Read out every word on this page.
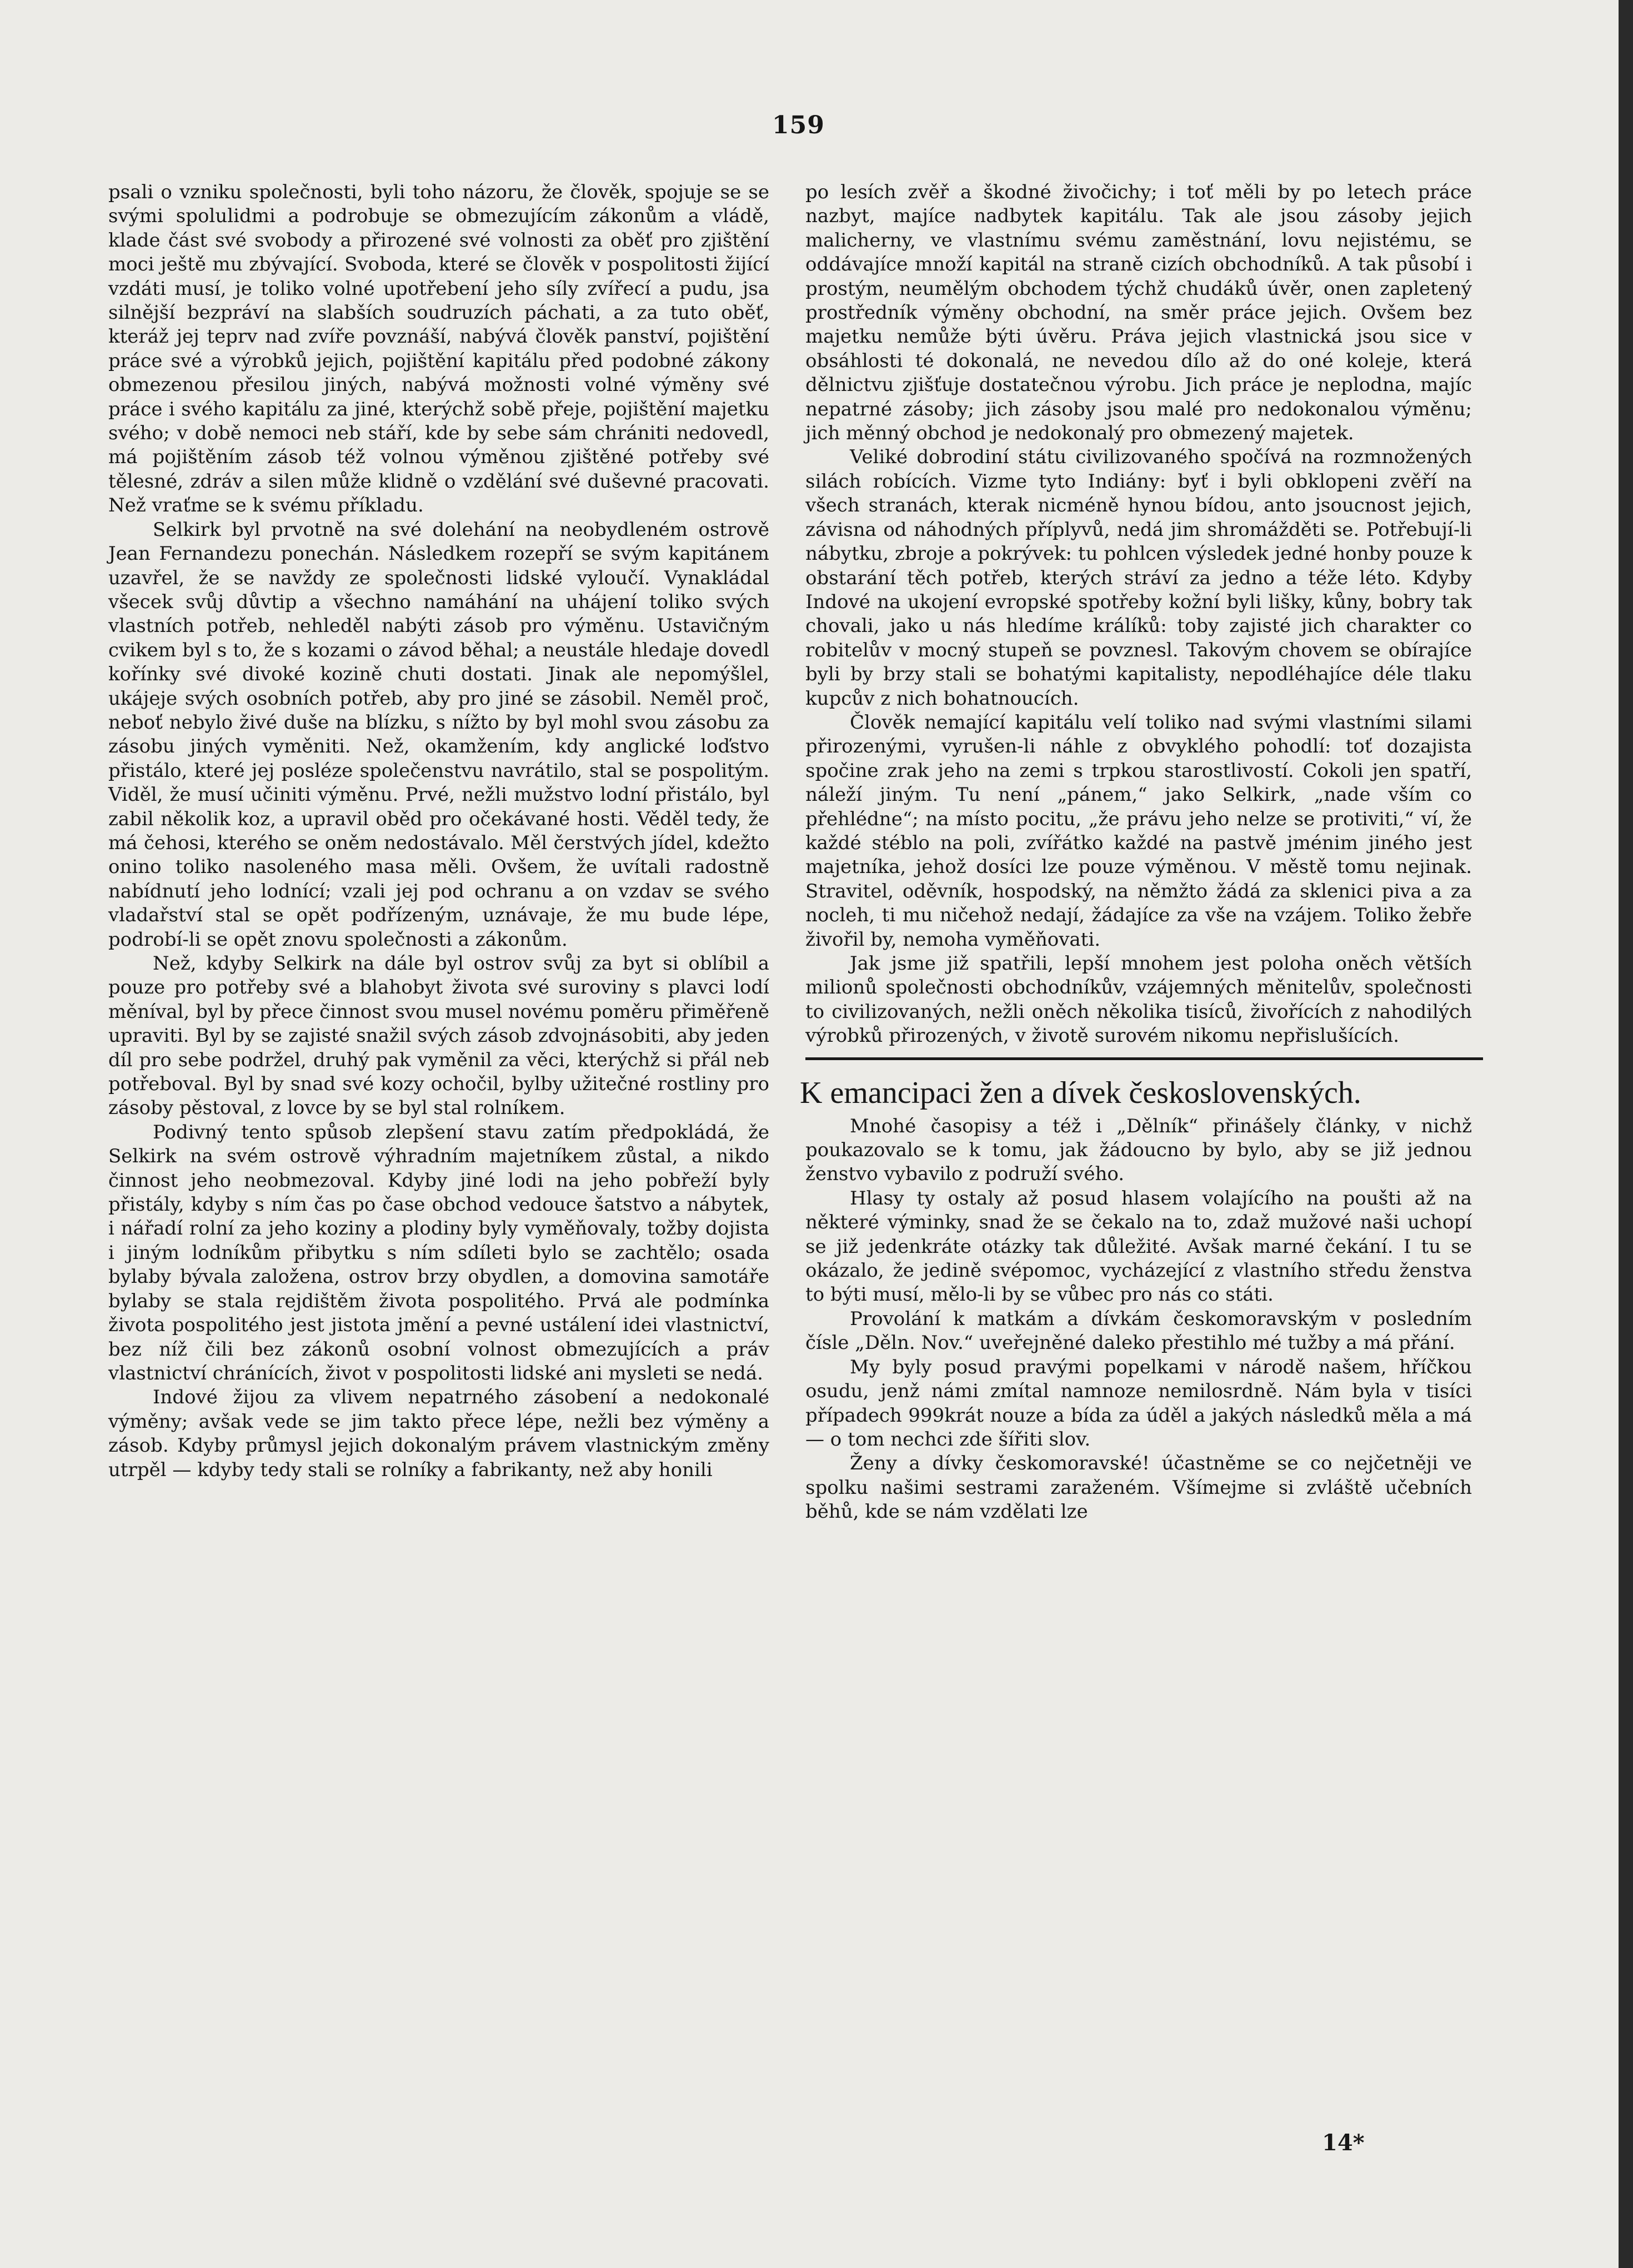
159

psali o vzniku společnosti, byli toho názoru, že člověk, spojuje se se svými spolulidmi a podrobuje se obmezujícím zákonům a vládě, klade část své svobody a přirozené své volnosti za oběť pro zjištění moci ještě mu zbývající. Svoboda, které se člověk v pospolitosti žijící vzdáti musí, je toliko volné upotřebení jeho síly zvířecí a pudu, jsa silnější bezpráví na slabších soudruzích páchati, a za tuto oběť, kteráž jej teprv nad zvíře povznáší, nabývá člověk panství, pojištění práce své a výrobků jejich, pojištění kapitálu před podobné zákony obmezenou přesilou jiných, nabývá možnosti volné výměny své práce i svého kapitálu za jiné, kterýchž sobě přeje, pojištění majetku svého; v době nemoci neb stáří, kde by sebe sám chrániti nedovedl, má pojištěním zásob též volnou výměnou zjištěné potřeby své tělesné, zdráv a silen může klidně o vzdělání své duševné pracovati. Než vraťme se k svému příkladu.

Selkirk byl prvotně na své dolehání na neobydleném ostrově Jean Fernandezu ponechán. Následkem rozepří se svým kapitánem uzavřel, že se navždy ze společnosti lidské vyloučí. Vynakládal všecek svůj důvtip a všechno namáhání na uhájení toliko svých vlastních potřeb, nehleděl nabýti zásob pro výměnu. Ustavičným cvikem byl s to, že s kozami o závod běhal; a neustále hledaje dovedl kořínky své divoké kozině chuti dostati. Jinak ale nepomýšlel, ukájeje svých osobních potřeb, aby pro jiné se zásobil. Neměl proč, neboť nebylo živé duše na blízku, s nížto by byl mohl svou zásobu za zásobu jiných vyměniti. Než, okamžením, kdy anglické loďstvo přistálo, které jej posléze společenstvu navrátilo, stal se pospolitým. Viděl, že musí učiniti výměnu. Prvé, nežli mužstvo lodní přistálo, byl zabil několik koz, a upravil oběd pro očekávané hosti. Věděl tedy, že má čehosi, kterého se oněm nedostávalo. Měl čerstvých jídel, kdežto onino toliko nasoleného masa měli. Ovšem, že uvítali radostně nabídnutí jeho lodnící; vzali jej pod ochranu a on vzdav se svého vladařství stal se opět podřízeným, uznávaje, že mu bude lépe, podrobí-li se opět znovu společnosti a zákonům.

Než, kdyby Selkirk na dále byl ostrov svůj za byt si oblíbil a pouze pro potřeby své a blahobyt života své suroviny s plavci lodí měníval, byl by přece činnost svou musel novému poměru přiměřeně upraviti. Byl by se zajisté snažil svých zásob zdvojnásobiti, aby jeden díl pro sebe podržel, druhý pak vyměnil za věci, kterýchž si přál neb potřeboval. Byl by snad své kozy ochočil, bylby užitečné rostliny pro zásoby pěstoval, z lovce by se byl stal rolníkem.

Podivný tento spůsob zlepšení stavu zatím předpokládá, že Selkirk na svém ostrově výhradním majetníkem zůstal, a nikdo činnost jeho neobmezoval. Kdyby jiné lodi na jeho pobřeží byly přistály, kdyby s ním čas po čase obchod vedouce šatstvo a nábytek, i nářadí rolní za jeho koziny a plodiny byly vyměňovaly, tožby dojista i jiným lodníkům přibytku s ním sdíleti bylo se zachtělo; osada bylaby bývala založena, ostrov brzy obydlen, a domovina samotáře bylaby se stala rejdištěm života pospolitého. Prvá ale podmínka života pospolitého jest jistota jmění a pevné ustálení idei vlastnictví, bez níž čili bez zákonů osobní volnost obmezujících a práv vlastnictví chránících, život v pospolitosti lidské ani mysleti se nedá.

Indové žijou za vlivem nepatrného zásobení a nedokonalé výměny; avšak vede se jim takto přece lépe, nežli bez výměny a zásob. Kdyby průmysl jejich dokonalým právem vlastnickým změny utrpěl — kdyby tedy stali se rolníky a fabrikanty, než aby honili

po lesích zvěř a škodné živočichy; i toť měli by po letech práce nazbyt, majíce nadbytek kapitálu. Tak ale jsou zásoby jejich malicherny, ve vlastnímu svému zaměstnání, lovu nejistému, se oddávajíce množí kapitál na straně cizích obchodníků. A tak působí i prostým, neumělým obchodem týchž chudáků úvěr, onen zapletený prostředník výměny obchodní, na směr práce jejich. Ovšem bez majetku nemůže býti úvěru. Práva jejich vlastnická jsou sice v obsáhlosti té dokonalá, ne nevedou dílo až do oné koleje, která dělnictvu zjišťuje dostatečnou výrobu. Jich práce je neplodna, majíc nepatrné zásoby; jich zásoby jsou malé pro nedokonalou výměnu; jich měnný obchod je nedokonalý pro obmezený majetek.

Veliké dobrodiní státu civilizovaného spočívá na rozmnožených silách robících. Vizme tyto Indiány: byť i byli obklopeni zvěří na všech stranách, kterak nicméně hynou bídou, anto jsoucnost jejich, závisna od náhodných příplyvů, nedá jim shromážděti se. Potřebují-li nábytku, zbroje a pokrývek: tu pohlcen výsledek jedné honby pouze k obstarání těch potřeb, kterých stráví za jedno a téže léto. Kdyby Indové na ukojení evropské spotřeby kožní byli lišky, kůny, bobry tak chovali, jako u nás hledíme králíků: toby zajisté jich charakter co robitelův v mocný stupeň se povznesl. Takovým chovem se obírajíce byli by brzy stali se bohatými kapitalisty, nepodléhajíce déle tlaku kupcův z nich bohatnoucích.

Člověk nemající kapitálu velí toliko nad svými vlastními silami přirozenými, vyrušen-li náhle z obvyklého pohodlí: toť dozajista spočine zrak jeho na zemi s trpkou starostlivostí. Cokoli jen spatří, náleží jiným. Tu není „pánem,“ jako Selkirk, „nade vším co přehlédne“; na místo pocitu, „že právu jeho nelze se protiviti,“ ví, že každé stéblo na poli, zvířátko každé na pastvě jménim jiného jest majetníka, jehož dosíci lze pouze výměnou. V městě tomu nejinak. Stravitel, oděvník, hospodský, na němžto žádá za sklenici piva a za nocleh, ti mu ničehož nedají, žádajíce za vše na vzájem. Toliko žebře živořil by, nemoha vyměňovati.

Jak jsme již spatřili, lepší mnohem jest poloha oněch větších milionů společnosti obchodníkův, vzájemných měnitelův, společnosti to civilizovaných, nežli oněch několika tisíců, živořících z nahodilých výrobků přirozených, v životě surovém nikomu nepřislušících.

K emancipaci žen a dívek československých.

Mnohé časopisy a též i „Dělník“ přinášely články, v nichž poukazovalo se k tomu, jak žádoucno by bylo, aby se již jednou ženstvo vybavilo z podruží svého.

Hlasy ty ostaly až posud hlasem volajícího na poušti až na některé výminky, snad že se čekalo na to, zdaž mužové naši uchopí se již jedenkráte otázky tak důležité. Avšak marné čekání. I tu se okázalo, že jedině svépomoc, vycházející z vlastního středu ženstva to býti musí, mělo-li by se vůbec pro nás co státi.

Provolání k matkám a dívkám českomoravským v posledním čísle „Děln. Nov.“ uveřejněné daleko přestihlo mé tužby a má přání.

My byly posud pravými popelkami v národě našem, hříčkou osudu, jenž námi zmítal namnoze nemilosrdně. Nám byla v tisíci případech 999krát nouze a bída za úděl a jakých následků měla a má — o tom nechci zde šířiti slov.

Ženy a dívky českomoravské! účastněme se co nejčetněji ve spolku našimi sestrami zaraženém. Všímejme si zvláště učebních běhů, kde se nám vzdělati lze

14*
